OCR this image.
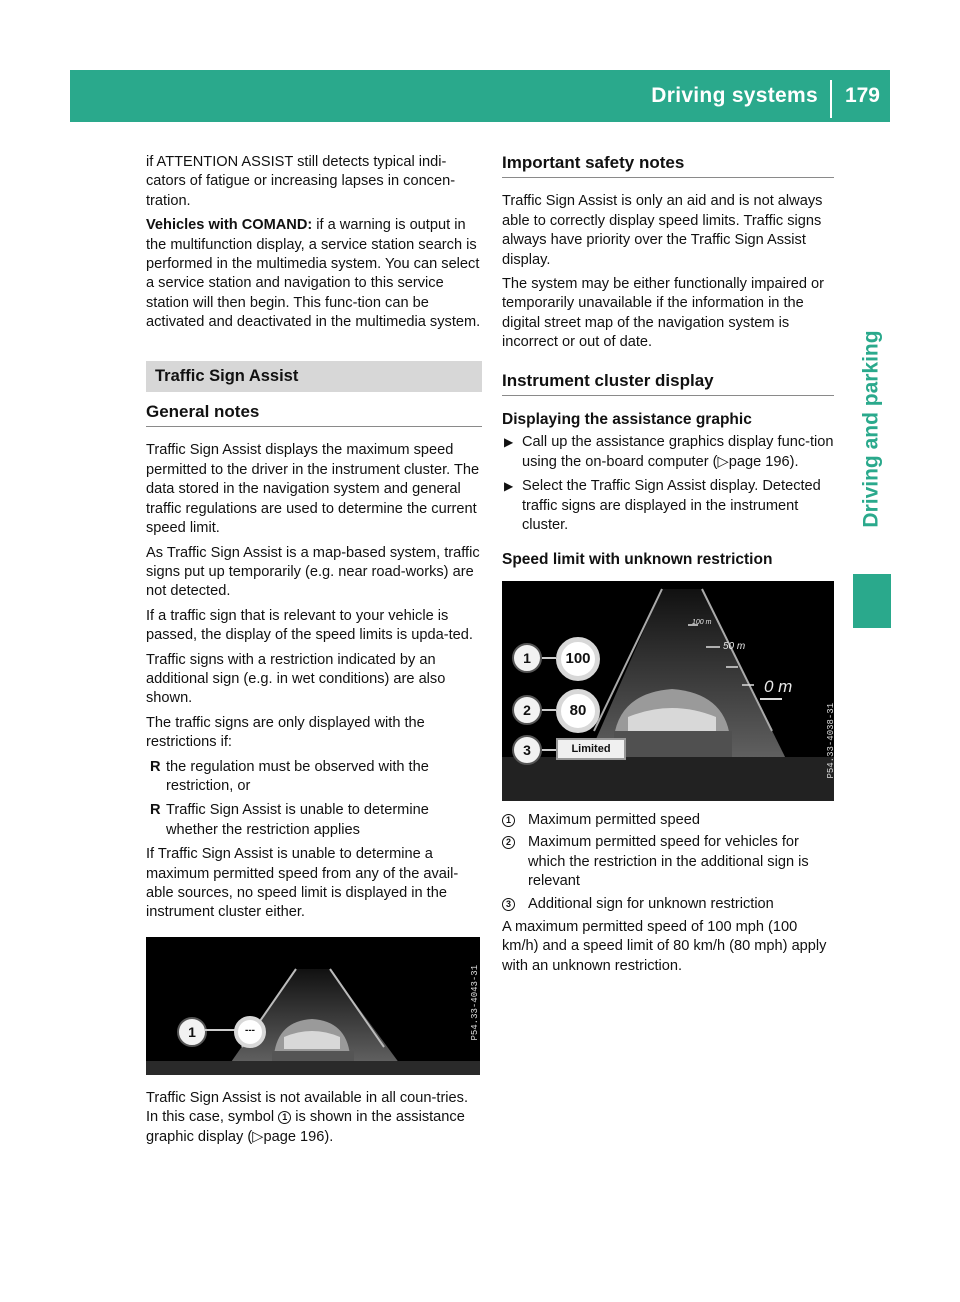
Driving systems 179
Driving and parking

if ATTENTION ASSIST still detects typical indi-cators of fatigue or increasing lapses in concen-tration.

Vehicles with COMAND: if a warning is output in the multifunction display, a service station search is performed in the multimedia system. You can select a service station and navigation to this service station will then begin. This func-tion can be activated and deactivated in the multimedia system.

Traffic Sign Assist
General notes

Traffic Sign Assist displays the maximum speed permitted to the driver in the instrument cluster. The data stored in the navigation system and general traffic regulations are used to determine the current speed limit.

As Traffic Sign Assist is a map-based system, traffic signs put up temporarily (e.g. near road-works) are not detected.

If a traffic sign that is relevant to your vehicle is passed, the display of the speed limits is upda-ted.

Traffic signs with a restriction indicated by an additional sign (e.g. in wet conditions) are also shown.

The traffic signs are only displayed with the restrictions if:

R the regulation must be observed with the restriction, or
R Traffic Sign Assist is unable to determine whether the restriction applies

If Traffic Sign Assist is unable to determine a maximum permitted speed from any of the avail-able sources, no speed limit is displayed in the instrument cluster either.

1	---	P54.33-4043-31

Traffic Sign Assist is not available in all coun-tries. In this case, symbol 1 is shown in the assistance graphic display (▷page 196).

Important safety notes

Traffic Sign Assist is only an aid and is not always able to correctly display speed limits. Traffic signs always have priority over the Traffic Sign Assist display.

The system may be either functionally impaired or temporarily unavailable if the information in the digital street map of the navigation system is incorrect or out of date.

Instrument cluster display
Displaying the assistance graphic
▶ Call up the assistance graphics display func-tion using the on-board computer (▷page 196).
▶ Select the Traffic Sign Assist display. Detected traffic signs are displayed in the instrument cluster.
Speed limit with unknown restriction
100 m
50 m
0 m
1	100
2	80
3	Limited	P54.33-4038-31
1 Maximum permitted speed
2 Maximum permitted speed for vehicles for which the restriction in the additional sign is relevant
3 Additional sign for unknown restriction

A maximum permitted speed of 100 mph (100 km/h) and a speed limit of 80 km/h (80 mph) apply with an unknown restriction.
